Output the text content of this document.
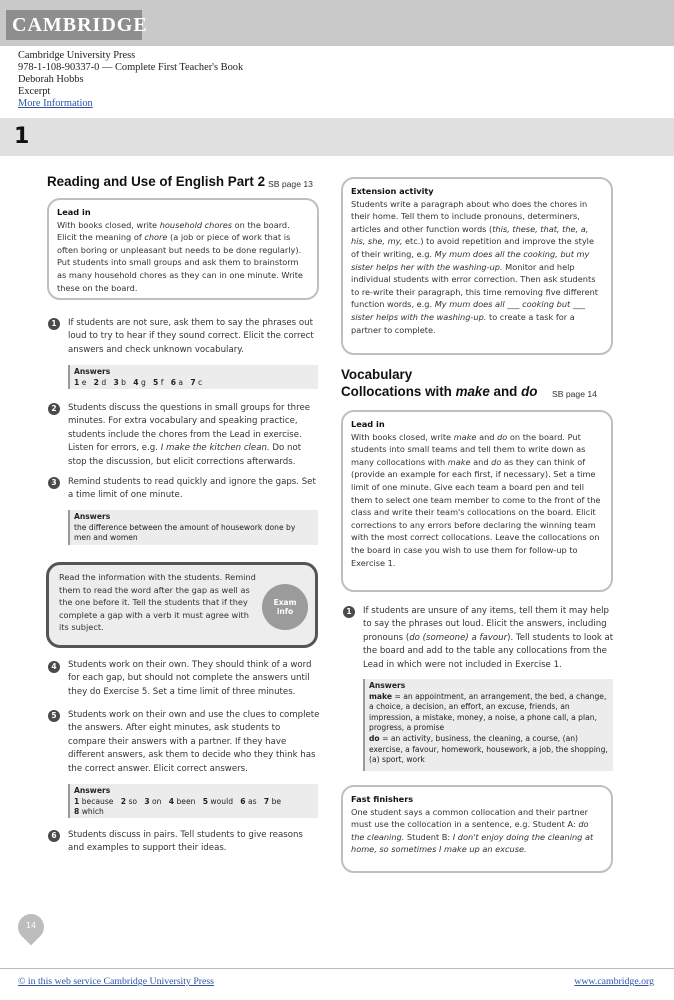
CAMBRIDGE
Cambridge University Press
978-1-108-90337-0 — Complete First Teacher's Book
Deborah Hobbs
Excerpt
More Information
1
Reading and Use of English Part 2 SB page 13
Lead in
With books closed, write household chores on the board. Elicit the meaning of chore (a job or piece of work that is often boring or unpleasant but needs to be done regularly). Put students into small groups and ask them to brainstorm as many household chores as they can in one minute. Write these on the board.
1	If students are not sure, ask them to say the phrases out loud to try to hear if they sound correct. Elicit the correct answers and check unknown vocabulary.
Answers
1 e 2 d 3 b 4 g 5 f 6 a 7 c
2	Students discuss the questions in small groups for three minutes. For extra vocabulary and speaking practice, students include the chores from the Lead in exercise. Listen for errors, e.g. I make the kitchen clean. Do not stop the discussion, but elicit corrections afterwards.
3	Remind students to read quickly and ignore the gaps. Set a time limit of one minute.
Answers
the difference between the amount of housework done by men and women
Read the information with the students. Remind them to read the word after the gap as well as the one before it. Tell the students that if they complete a gap with a verb it must agree with its subject.
Exam
info
4	Students work on their own. They should think of a word for each gap, but should not complete the answers until they do Exercise 5. Set a time limit of three minutes.
5	Students work on their own and use the clues to complete the answers. After eight minutes, ask students to compare their answers with a partner. If they have different answers, ask them to decide who they think has the correct answer. Elicit correct answers.
Answers
1 because 2 so 3 on 4 been 5 would 6 as 7 be
8 which
6	Students discuss in pairs. Tell students to give reasons and examples to support their ideas.
Extension activity
Students write a paragraph about who does the chores in their home. Tell them to include pronouns, determiners, articles and other function words (this, these, that, the, a, his, she, my, etc.) to avoid repetition and improve the style of their writing, e.g. My mum does all the cooking, but my sister helps her with the washing-up. Monitor and help individual students with error correction. Then ask students to re-write their paragraph, this time removing five different function words, e.g. My mum does all ___ cooking but ___ sister helps with the washing-up. to create a task for a partner to complete.
Vocabulary
Collocations with make and do SB page 14
Lead in
With books closed, write make and do on the board. Put students into small teams and tell them to write down as many collocations with make and do as they can think of (provide an example for each first, if necessary). Set a time limit of one minute. Give each team a board pen and tell them to select one team member to come to the front of the class and write their team's collocations on the board. Elicit corrections to any errors before declaring the winning team with the most correct collocations. Leave the collocations on the board in case you wish to use them for follow-up to Exercise 1.
1	If students are unsure of any items, tell them it may help to say the phrases out loud. Elicit the answers, including pronouns (do (someone) a favour). Tell students to look at the board and add to the table any collocations from the Lead in which were not included in Exercise 1.
Answers
make = an appointment, an arrangement, the bed, a change, a choice, a decision, an effort, an excuse, friends, an impression, a mistake, money, a noise, a phone call, a plan, progress, a promise
do = an activity, business, the cleaning, a course, (an) exercise, a favour, homework, housework, a job, the shopping, (a) sport, work
Fast finishers
One student says a common collocation and their partner must use the collocation in a sentence, e.g. Student A: do the cleaning. Student B: I don't enjoy doing the cleaning at home, so sometimes I make up an excuse.
14
© in this web service Cambridge University Press	www.cambridge.org
